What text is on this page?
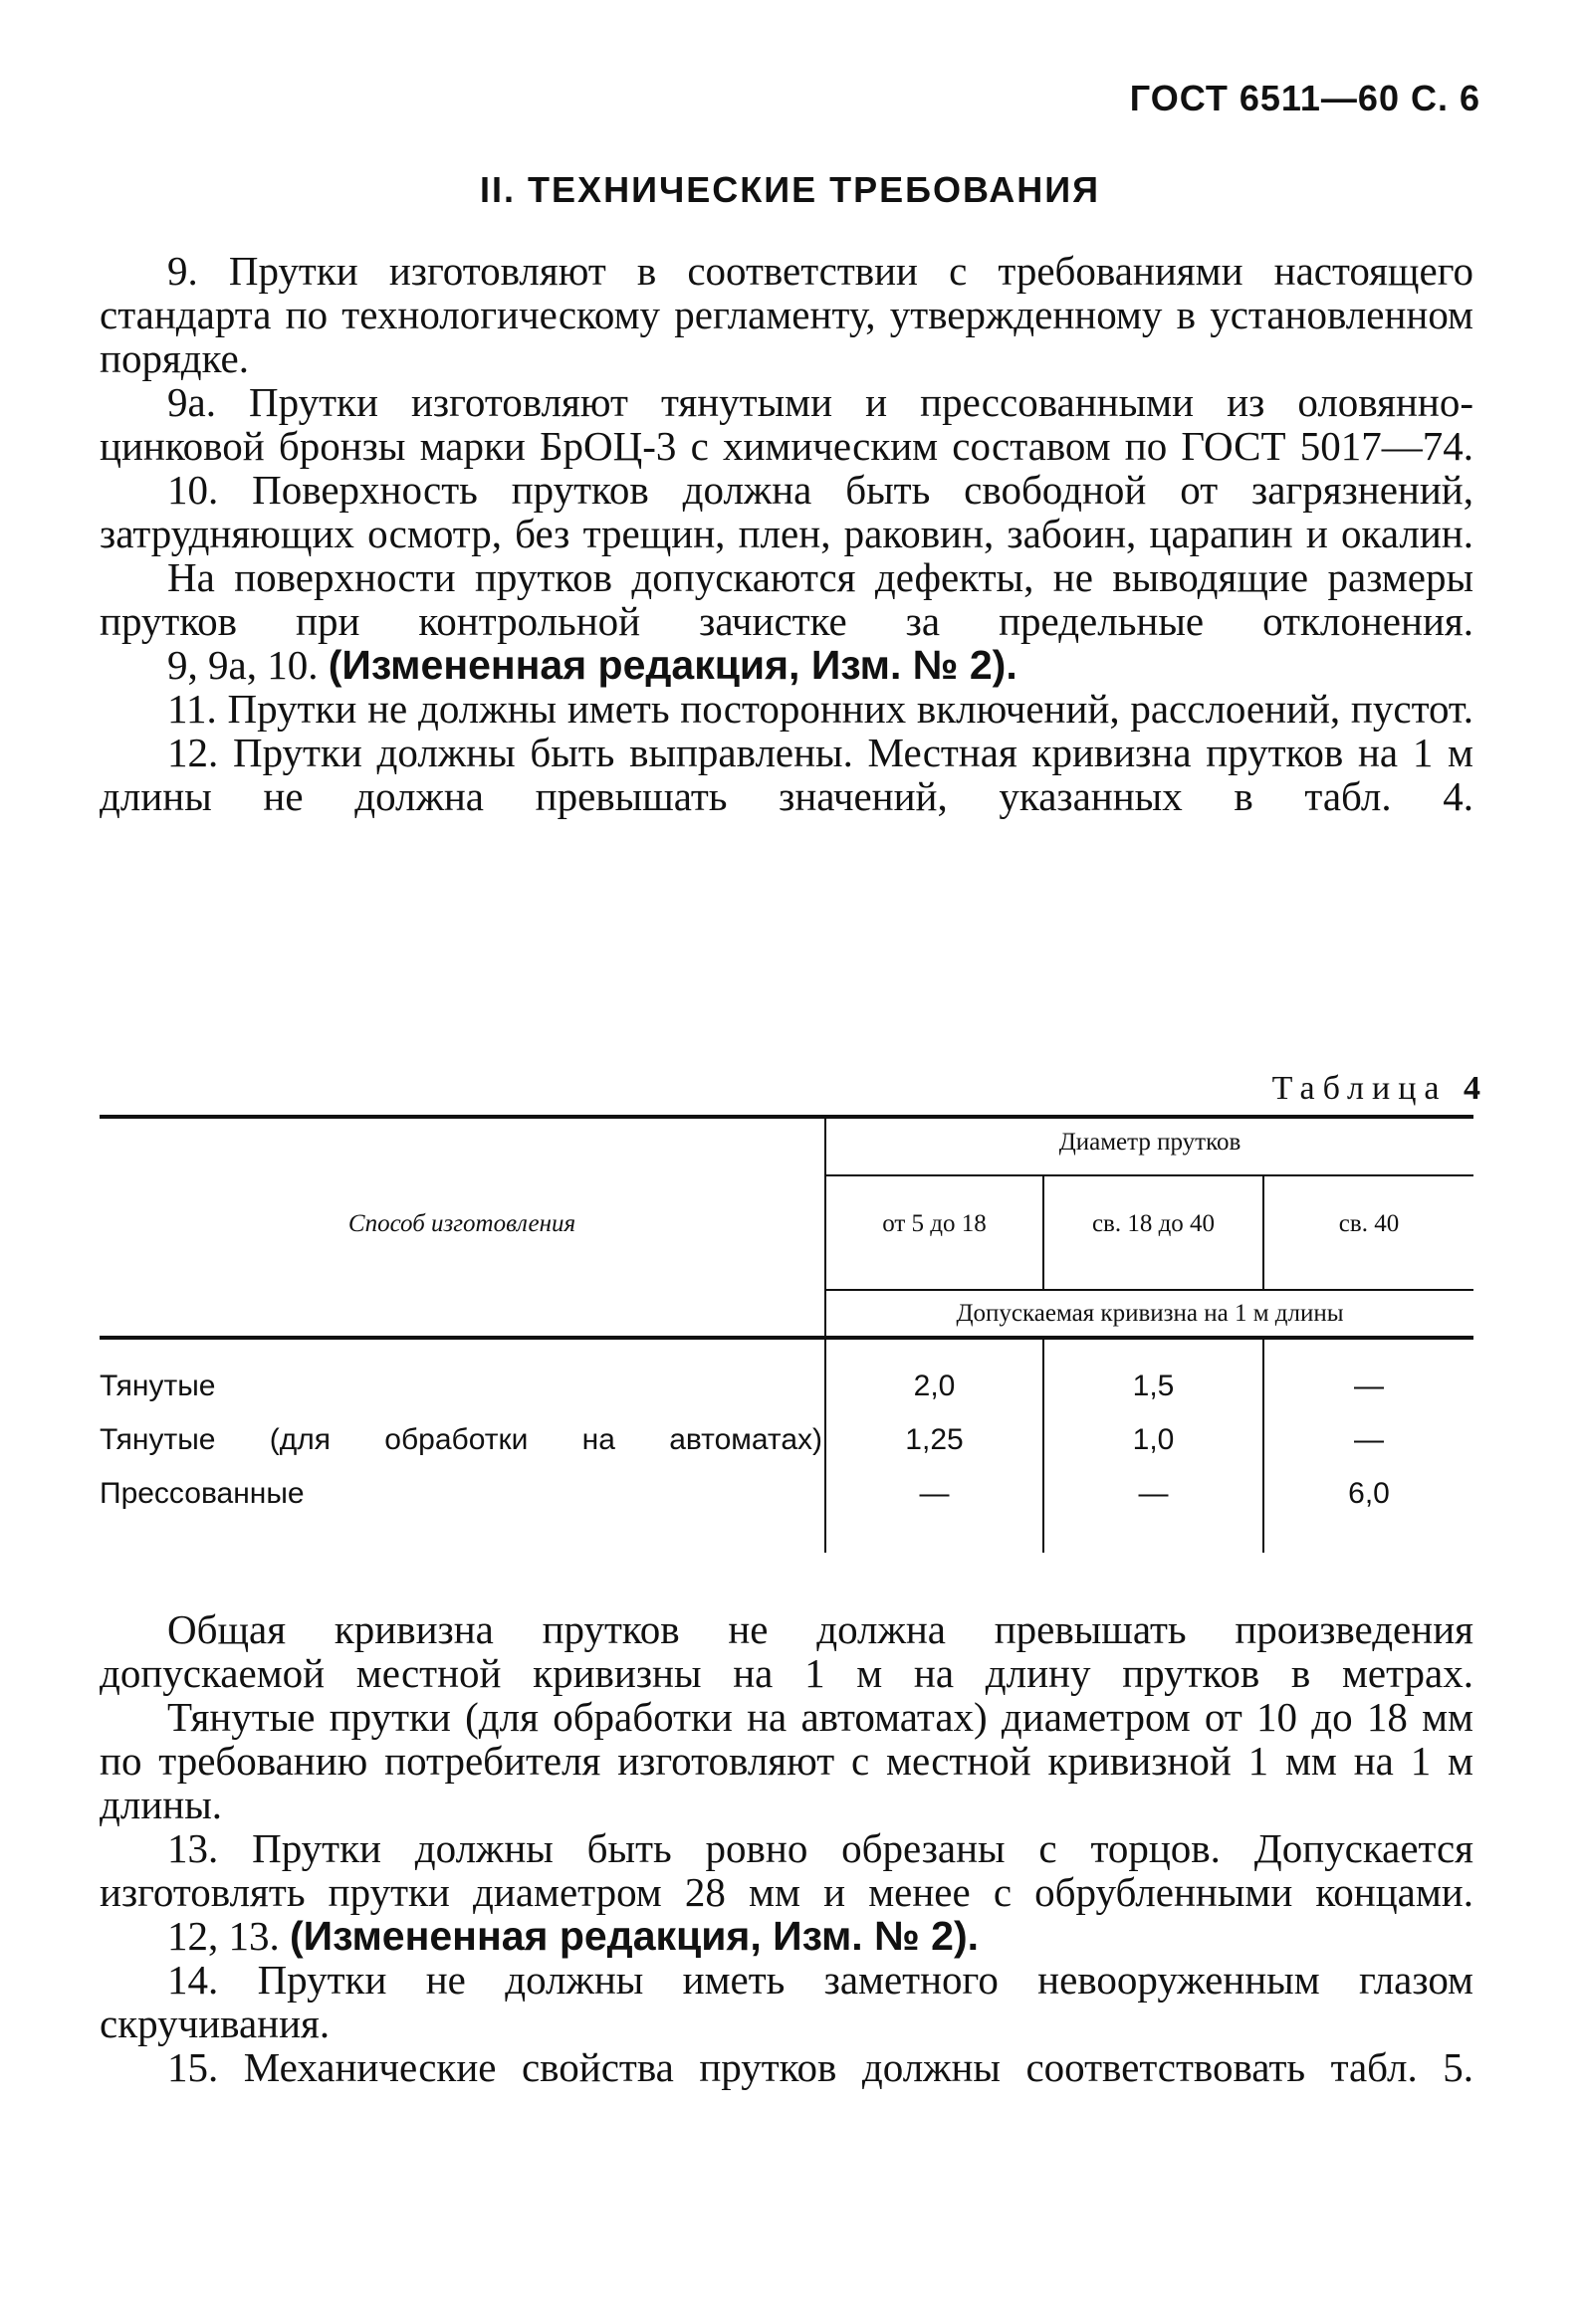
ГОСТ 6511—60 С. 6
II. ТЕХНИЧЕСКИЕ ТРЕБОВАНИЯ

9. Прутки изготовляют в соответствии с требованиями настоящего стандарта по технологическому регламенту, утвержденному в установленном порядке.

9а. Прутки изготовляют тянутыми и прессованными из оловянно-цинковой бронзы марки БрОЦ-3 с химическим составом по ГОСТ 5017—74.

10. Поверхность прутков должна быть свободной от загрязнений, затрудняющих осмотр, без трещин, плен, раковин, забоин, царапин и окалин.

На поверхности прутков допускаются дефекты, не выводящие размеры прутков при контрольной зачистке за предельные отклонения.

9, 9а, 10. (Измененная редакция, Изм. № 2).

11. Прутки не должны иметь посторонних включений, расслоений, пустот.

12. Прутки должны быть выправлены. Местная кривизна прутков на 1 м длины не должна превышать значений, указанных в табл. 4.

Таблица 4
Способ изготовления
Диаметр прутков
от 5 до 18	св. 18 до 40	св. 40
Допускаемая кривизна на 1 м длины
Тянутые	2,0	1,5	—
Тянутые (для обработки на автоматах)	1,25	1,0	—
Прессованные	—	—	6,0

Общая кривизна прутков не должна превышать произведения допускаемой местной кривизны на 1 м на длину прутков в метрах.

Тянутые прутки (для обработки на автоматах) диаметром от 10 до 18 мм по требованию потребителя изготовляют с местной кривизной 1 мм на 1 м длины.

13. Прутки должны быть ровно обрезаны с торцов. Допускается изготовлять прутки диаметром 28 мм и менее с обрубленными концами.

12, 13. (Измененная редакция, Изм. № 2).

14. Прутки не должны иметь заметного невооруженным глазом скручивания.

15. Механические свойства прутков должны соответствовать табл. 5.
